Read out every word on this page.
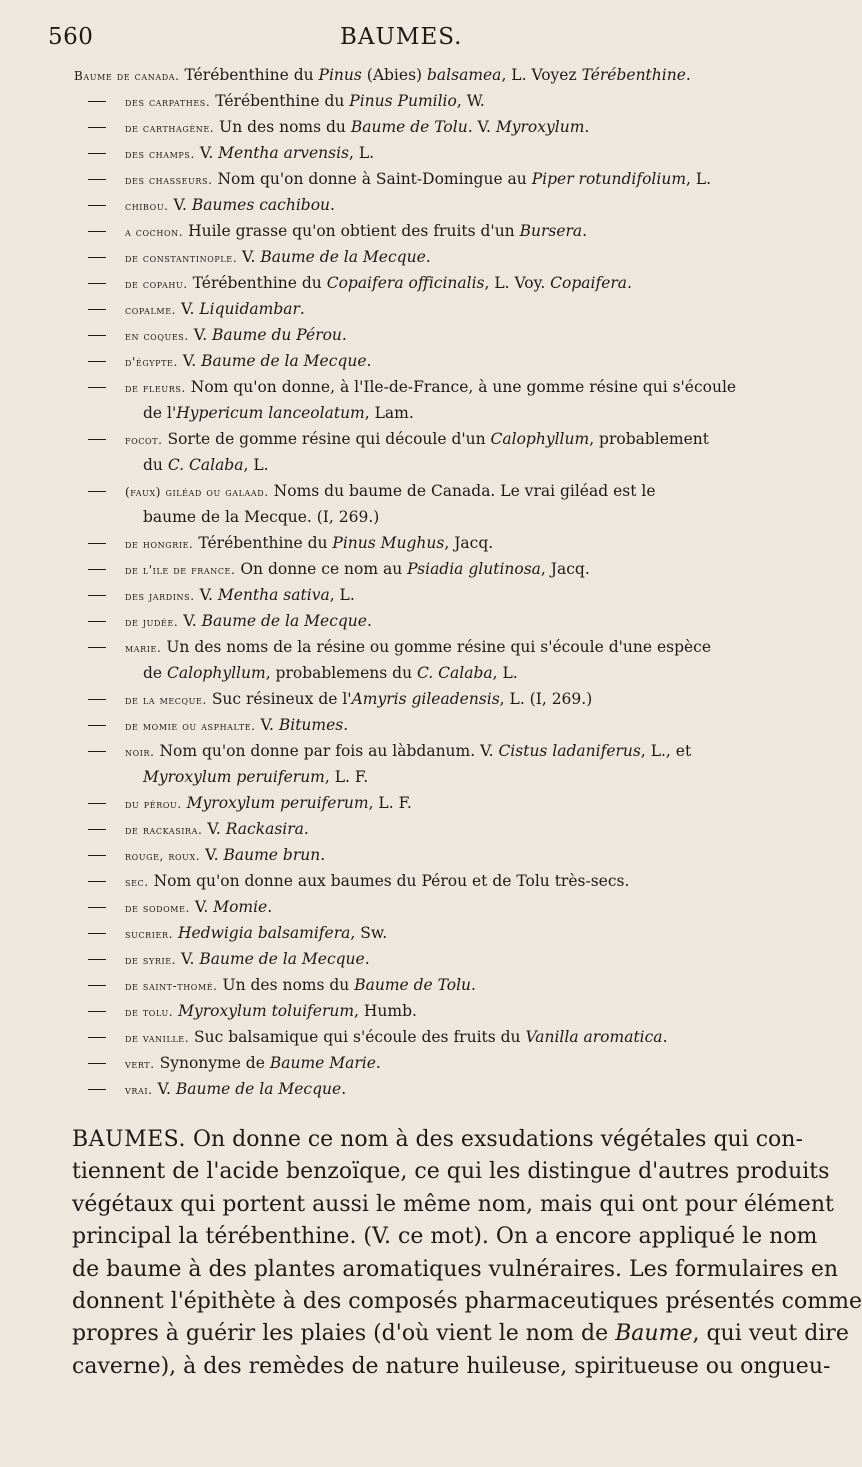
560	BAUMES.
Baume de canada. Térébenthine du Pinus (Abies) balsamea, L. Voyez Térébenthine.
des carpathes. Térébenthine du Pinus Pumilio, W.
de carthagène. Un des noms du Baume de Tolu. V. Myroxylum.
des champs. V. Mentha arvensis, L.
des chasseurs. Nom qu'on donne à Saint-Domingue au Piper rotundifolium, L.
chibou. V. Baumes cachibou.
a cochon. Huile grasse qu'on obtient des fruits d'un Bursera.
de constantinople. V. Baume de la Mecque.
de copahu. Térébenthine du Copaifera officinalis, L. Voy. Copaifera.
copalme. V. Liquidambar.
en coques. V. Baume du Pérou.
d'égypte. V. Baume de la Mecque.
de fleurs. Nom qu'on donne, à l'Ile-de-France, à une gomme résine qui s'écoule
de l'Hypericum lanceolatum, Lam.
focot. Sorte de gomme résine qui découle d'un Calophyllum, probablement
du C. Calaba, L.
(faux) giléad ou galaad. Noms du baume de Canada. Le vrai giléad est le
baume de la Mecque. (I, 269.)
de hongrie. Térébenthine du Pinus Mughus, Jacq.
de l'ile de france. On donne ce nom au Psiadia glutinosa, Jacq.
des jardins. V. Mentha sativa, L.
de judée. V. Baume de la Mecque.
marie. Un des noms de la résine ou gomme résine qui s'écoule d'une espèce
de Calophyllum, probablemens du C. Calaba, L.
de la mecque. Suc résineux de l'Amyris gileadensis, L. (I, 269.)
de momie ou asphalte. V. Bitumes.
noir. Nom qu'on donne par fois au làbdanum. V. Cistus ladaniferus, L., et
Myroxylum peruiferum, L. F.
du pérou. Myroxylum peruiferum, L. F.
de rackasira. V. Rackasira.
rouge, roux. V. Baume brun.
sec. Nom qu'on donne aux baumes du Pérou et de Tolu très-secs.
de sodome. V. Momie.
sucrier. Hedwigia balsamifera, Sw.
de syrie. V. Baume de la Mecque.
de saint-thomé. Un des noms du Baume de Tolu.
de tolu. Myroxylum toluiferum, Humb.
de vanille. Suc balsamique qui s'écoule des fruits du Vanilla aromatica.
vert. Synonyme de Baume Marie.
vrai. V. Baume de la Mecque.
BAUMES. On donne ce nom à des exsudations végétales qui con-
tiennent de l'acide benzoïque, ce qui les distingue d'autres produits
végétaux qui portent aussi le même nom, mais qui ont pour élément
principal la térébenthine. (V. ce mot). On a encore appliqué le nom
de baume à des plantes aromatiques vulnéraires. Les formulaires en
donnent l'épithète à des composés pharmaceutiques présentés comme
propres à guérir les plaies (d'où vient le nom de Baume, qui veut dire
caverne), à des remèdes de nature huileuse, spiritueuse ou ongueu-
